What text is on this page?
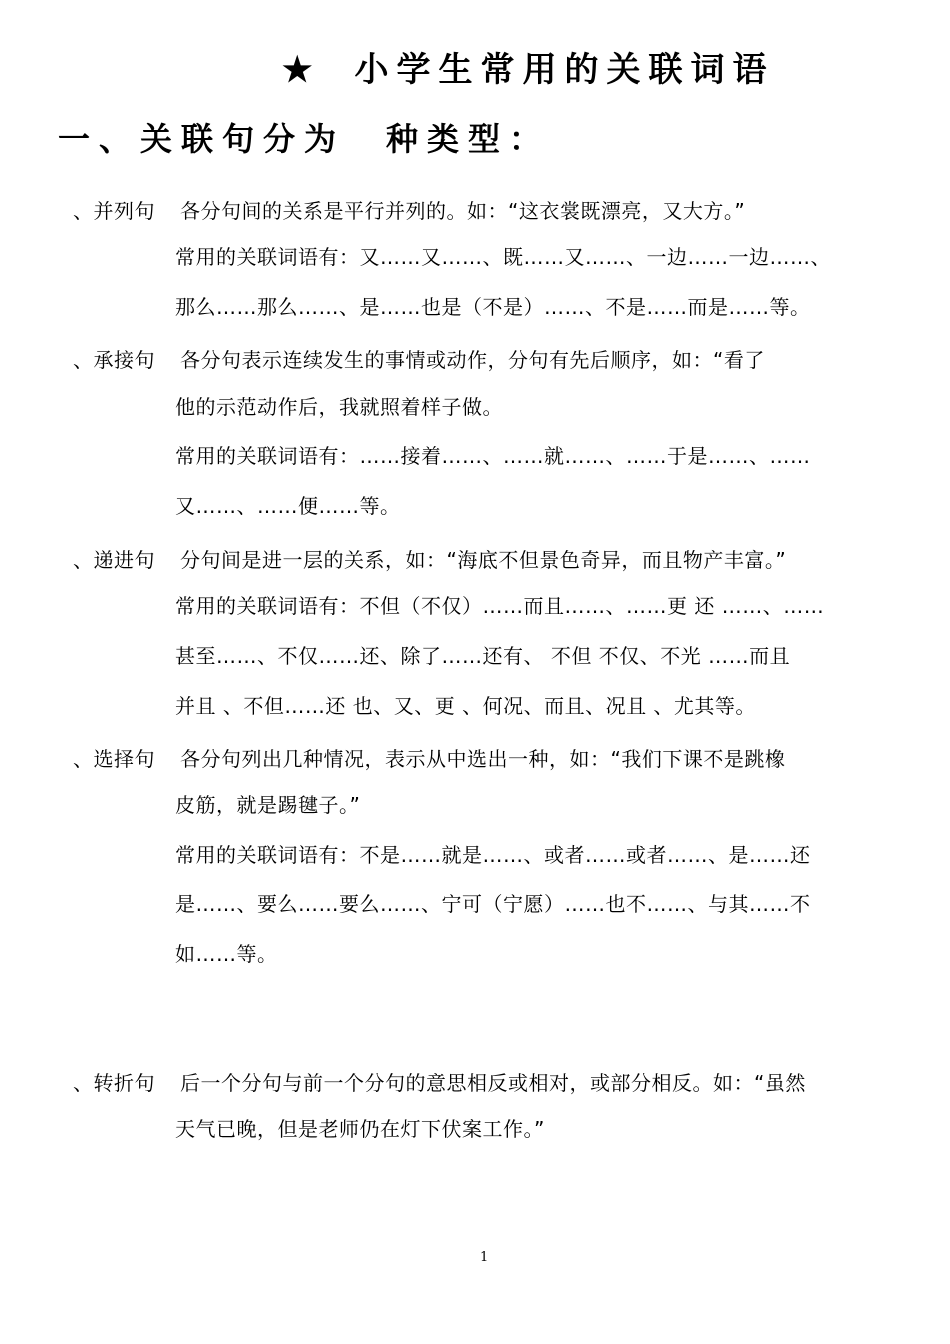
★ 小学生常用的关联词语
一、关联句分为　种类型：
、并列句 各分句间的关系是平行并列的。如：“这衣裳既漂亮，又大方。”
常用的关联词语有：又……又……、既……又……、一边……一边……、
那么……那么……、是……也是（不是）……、不是……而是……等。
、承接句 各分句表示连续发生的事情或动作，分句有先后顺序，如：“看了
他的示范动作后，我就照着样子做。
常用的关联词语有：……接着……、……就……、……于是……、……
又……、……便……等。
、递进句 分句间是进一层的关系，如：“海底不但景色奇异，而且物产丰富。”
常用的关联词语有：不但（不仅）……而且……、……更 还 ……、……
甚至……、不仅……还、除了……还有、 不但 不仅、不光 ……而且
并且 、不但……还 也、又、更 、何况、而且、况且 、尤其等。
、选择句 各分句列出几种情况，表示从中选出一种，如：“我们下课不是跳橡
皮筋，就是踢毽子。”
常用的关联词语有：不是……就是……、或者……或者……、是……还
是……、要么……要么……、宁可（宁愿）……也不……、与其……不
如……等。
、转折句 后一个分句与前一个分句的意思相反或相对，或部分相反。如：“虽然
天气已晚，但是老师仍在灯下伏案工作。”
1
